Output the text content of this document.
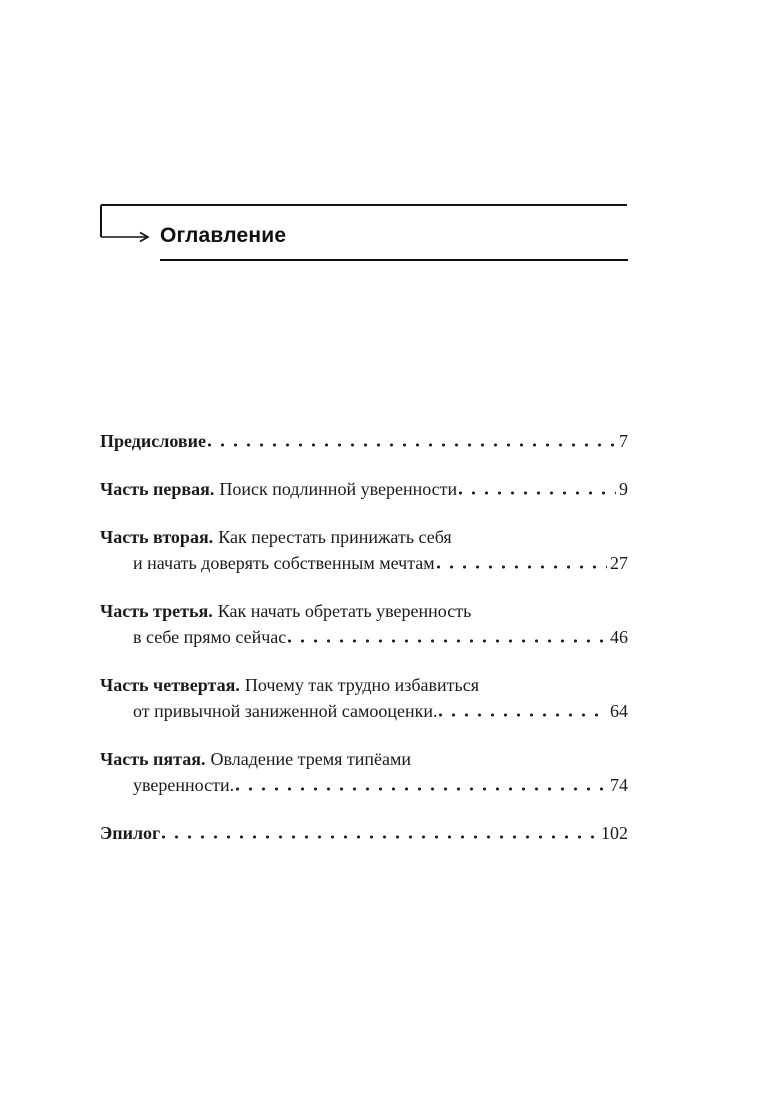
Оглавление
Предисловие	7
Часть первая. Поиск подлинной уверенности	9
Часть вторая. Как перестать принижать себя
и начать доверять собственным мечтам	27
Часть третья. Как начать обретать уверенность
в себе прямо сейчас	46
Часть четвертая. Почему так трудно избавиться
от привычной заниженной самооценки.	64
Часть пятая. Овладение тремя типёами
уверенности.	74
Эпилог	102
